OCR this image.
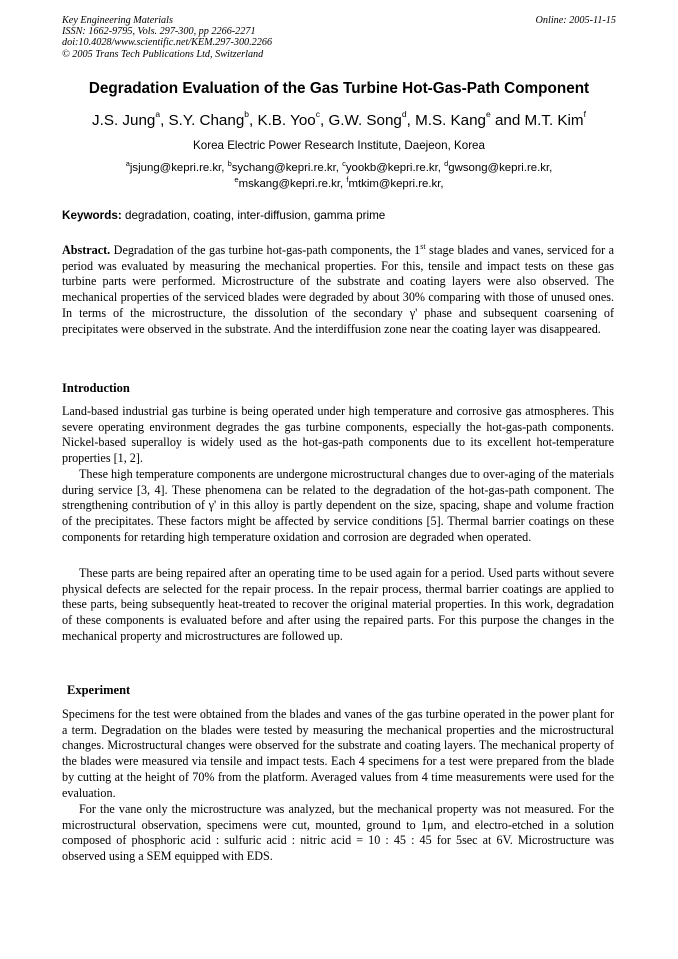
Key Engineering Materials
ISSN: 1662-9795, Vols. 297-300, pp 2266-2271
doi:10.4028/www.scientific.net/KEM.297-300.2266
© 2005 Trans Tech Publications Ltd, Switzerland
Online: 2005-11-15
Degradation Evaluation of the Gas Turbine Hot-Gas-Path Component
J.S. Jung$^a$, S.Y. Chang$^b$, K.B. Yoo$^c$, G.W. Song$^d$, M.S. Kang$^e$ and M.T. Kim$^f$
Korea Electric Power Research Institute, Daejeon, Korea
$^a$jsjung@kepri.re.kr, $^b$sychang@kepri.re.kr, $^c$yookb@kepri.re.kr, $^d$gwsong@kepri.re.kr,
$^e$mskang@kepri.re.kr, $^f$mtkim@kepri.re.kr,
Keywords: degradation, coating, inter-diffusion, gamma prime

Abstract. Degradation of the gas turbine hot-gas-path components, the 1st stage blades and vanes, serviced for a period was evaluated by measuring the mechanical properties. For this, tensile and impact tests on these gas turbine parts were performed. Microstructure of the substrate and coating layers were also observed. The mechanical properties of the serviced blades were degraded by about 30% comparing with those of unused ones. In terms of the microstructure, the dissolution of the secondary γ' phase and subsequent coarsening of precipitates were observed in the substrate. And the interdiffusion zone near the coating layer was disappeared.

Introduction

Land-based industrial gas turbine is being operated under high temperature and corrosive gas atmospheres. This severe operating environment degrades the gas turbine components, especially the hot-gas-path components. Nickel-based superalloy is widely used as the hot-gas-path components due to its excellent hot-temperature properties [1, 2].

These high temperature components are undergone microstructural changes due to over-aging of the materials during service [3, 4]. These phenomena can be related to the degradation of the hot-gas-path component. The strengthening contribution of γ' in this alloy is partly dependent on the size, spacing, shape and volume fraction of the precipitates. These factors might be affected by service conditions [5]. Thermal barrier coatings on these components for retarding high temperature oxidation and corrosion are degraded when operated.

These parts are being repaired after an operating time to be used again for a period. Used parts without severe physical defects are selected for the repair process. In the repair process, thermal barrier coatings are applied to these parts, being subsequently heat-treated to recover the original material properties. In this work, degradation of these components is evaluated before and after using the repaired parts. For this purpose the changes in the mechanical property and microstructures are followed up.

Experiment

Specimens for the test were obtained from the blades and vanes of the gas turbine operated in the power plant for a term. Degradation on the blades were tested by measuring the mechanical properties and the microstructural changes. Microstructural changes were observed for the substrate and coating layers. The mechanical property of the blades were measured via tensile and impact tests. Each 4 specimens for a test were prepared from the blade by cutting at the height of 70% from the platform. Averaged values from 4 time measurements were used for the evaluation.

For the vane only the microstructure was analyzed, but the mechanical property was not measured. For the microstructural observation, specimens were cut, mounted, ground to 1μm, and electro-etched in a solution composed of phosphoric acid : sulfuric acid : nitric acid = 10 : 45 : 45 for 5sec at 6V. Microstructure was observed using a SEM equipped with EDS.
